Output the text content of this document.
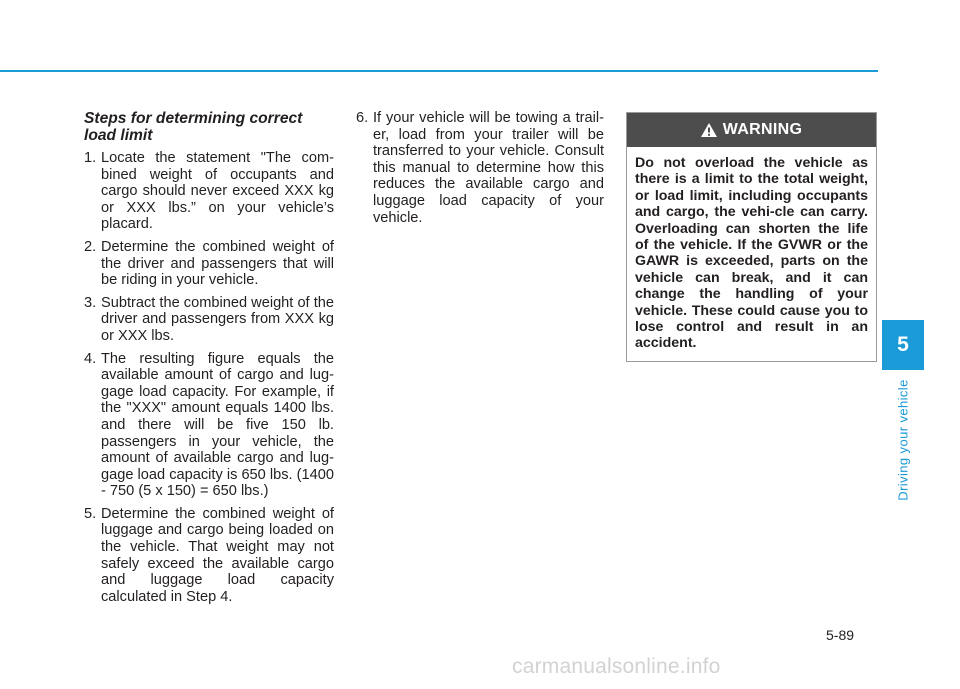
Steps for determining correct load limit
1. Locate the statement "The com-bined weight of occupants and cargo should never exceed XXX kg or XXX lbs.” on your vehicle’s placard.
2. Determine the combined weight of the driver and passengers that will be riding in your vehicle.
3. Subtract the combined weight of the driver and passengers from XXX kg or XXX lbs.
4. The resulting figure equals the available amount of cargo and lug-gage load capacity. For example, if the "XXX" amount equals 1400 lbs. and there will be five 150 lb. passengers in your vehicle, the amount of available cargo and lug-gage load capacity is 650 lbs. (1400 - 750 (5 x 150) = 650 lbs.)
5. Determine the combined weight of luggage and cargo being loaded on the vehicle. That weight may not safely exceed the available cargo and luggage load capacity calculated in Step 4.
6. If your vehicle will be towing a trail-er, load from your trailer will be transferred to your vehicle. Consult this manual to determine how this reduces the available cargo and luggage load capacity of your vehicle.
WARNING
Do not overload the vehicle as there is a limit to the total weight, or load limit, including occupants and cargo, the vehi-cle can carry. Overloading can shorten the life of the vehicle. If the GVWR or the GAWR is exceeded, parts on the vehicle can break, and it can change the handling of your vehicle. These could cause you to lose control and result in an accident.	5
Driving your vehicle
5-89
carmanualsonline.info
